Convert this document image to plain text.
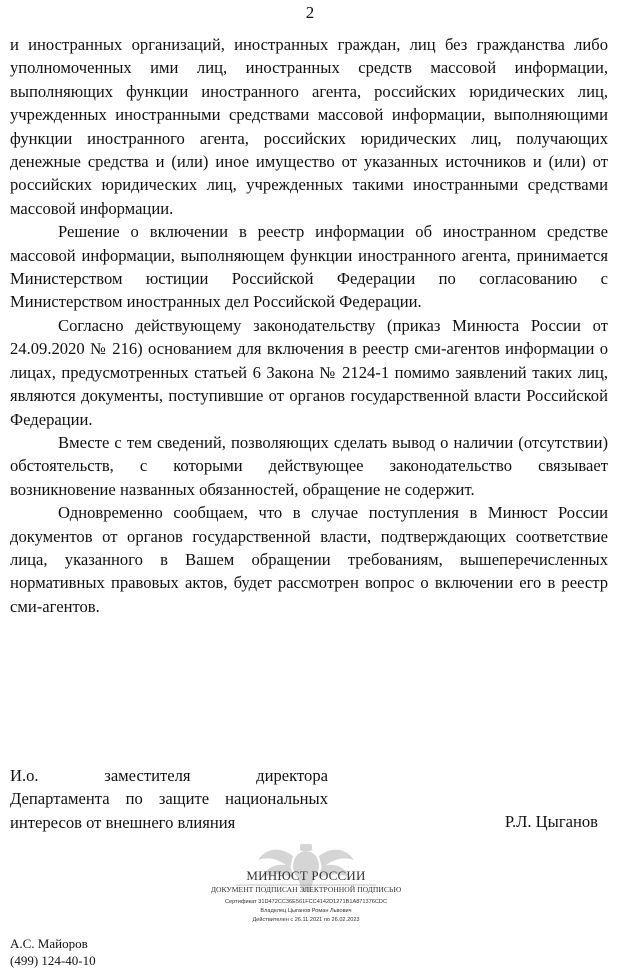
2

и иностранных организаций, иностранных граждан, лиц без гражданства либо уполномоченных ими лиц, иностранных средств массовой информации, выполняющих функции иностранного агента, российских юридических лиц, учрежденных иностранными средствами массовой информации, выполняющими функции иностранного агента, российских юридических лиц, получающих денежные средства и (или) иное имущество от указанных источников и (или) от российских юридических лиц, учрежденных такими иностранными средствами массовой информации.

Решение о включении в реестр информации об иностранном средстве массовой информации, выполняющем функции иностранного агента, принимается Министерством юстиции Российской Федерации по согласованию с Министерством иностранных дел Российской Федерации.

Согласно действующему законодательству (приказ Минюста России от 24.09.2020 № 216) основанием для включения в реестр сми-агентов информации о лицах, предусмотренных статьей 6 Закона № 2124-1 помимо заявлений таких лиц, являются документы, поступившие от органов государственной власти Российской Федерации.

Вместе с тем сведений, позволяющих сделать вывод о наличии (отсутствии) обстоятельств, с которыми действующее законодательство связывает возникновение названных обязанностей, обращение не содержит.

Одновременно сообщаем, что в случае поступления в Минюст России документов от органов государственной власти, подтверждающих соответствие лица, указанного в Вашем обращении требованиям, вышеперечисленных нормативных правовых актов, будет рассмотрен вопрос о включении его в реестр сми-агентов.

И.о. заместителя директора
Департамента по защите национальных
интересов от внешнего влияния	Р.Л. Цыганов
МИНЮСТ РОССИИ
ДОКУМЕНТ ПОДПИСАН ЭЛЕКТРОННОЙ ПОДПИСЬЮ
Сертификат 31D472CC36E561FCC4142D1271B1A871376CDC
Владелец Цыганов Роман Львович
Действителен с 26.11.2021 по 26.02.2023
А.С. Майоров
(499) 124-40-10
